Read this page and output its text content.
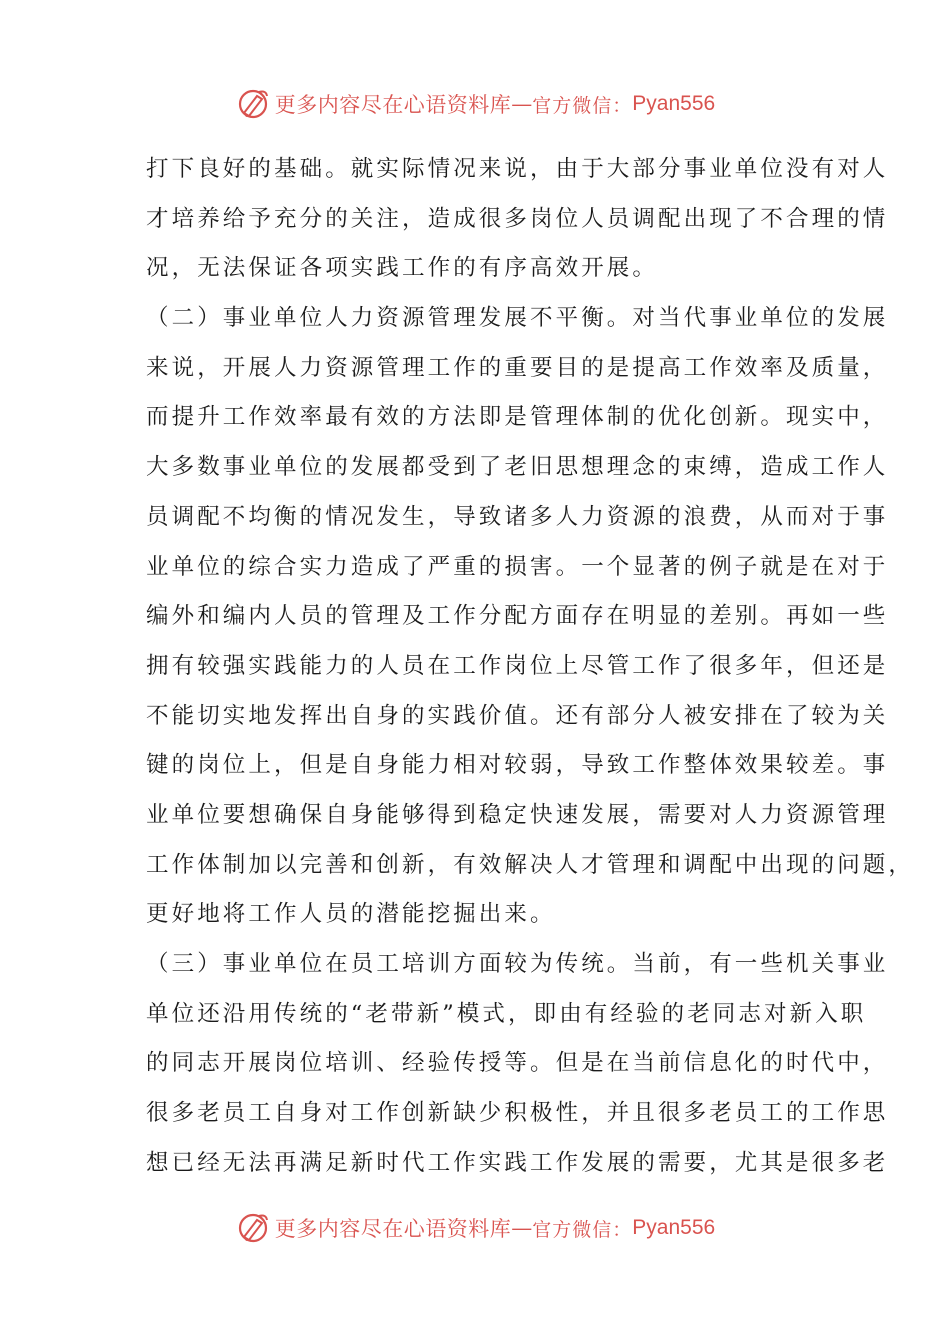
更多内容尽在心语资料库 — 官方微信： Pyan556
打下良好的基础。就实际情况来说，由于大部分事业单位没有对人
才培养给予充分的关注，造成很多岗位人员调配出现了不合理的情
况，无法保证各项实践工作的有序高效开展。
（二）事业单位人力资源管理发展不平衡。对当代事业单位的发展
来说，开展人力资源管理工作的重要目的是提高工作效率及质量，
而提升工作效率最有效的方法即是管理体制的优化创新。现实中，
大多数事业单位的发展都受到了老旧思想理念的束缚，造成工作人
员调配不均衡的情况发生，导致诸多人力资源的浪费，从而对于事
业单位的综合实力造成了严重的损害。一个显著的例子就是在对于
编外和编内人员的管理及工作分配方面存在明显的差别。再如一些
拥有较强实践能力的人员在工作岗位上尽管工作了很多年，但还是
不能切实地发挥出自身的实践价值。还有部分人被安排在了较为关
键的岗位上，但是自身能力相对较弱，导致工作整体效果较差。事
业单位要想确保自身能够得到稳定快速发展，需要对人力资源管理
工作体制加以完善和创新，有效解决人才管理和调配中出现的问题，
更好地将工作人员的潜能挖掘出来。
（三）事业单位在员工培训方面较为传统。当前，有一些机关事业
单位还沿用传统的“老带新”模式，即由有经验的老同志对新入职
的同志开展岗位培训、经验传授等。但是在当前信息化的时代中，
很多老员工自身对工作创新缺少积极性，并且很多老员工的工作思
想已经无法再满足新时代工作实践工作发展的需要，尤其是很多老
更多内容尽在心语资料库 — 官方微信： Pyan556
